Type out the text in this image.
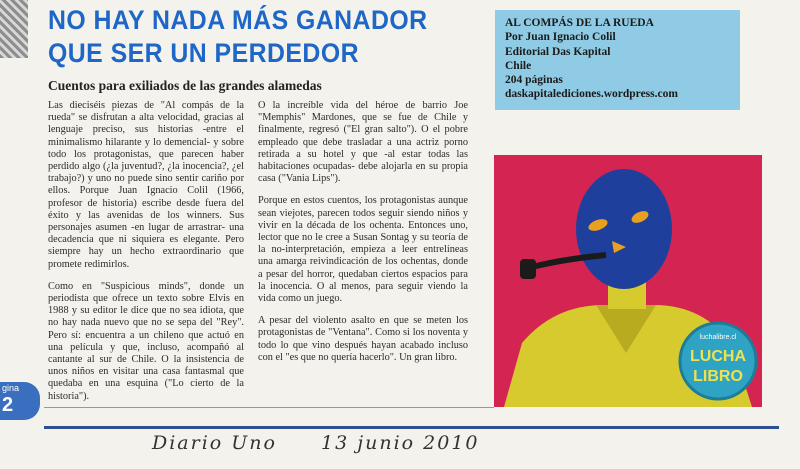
NO HAY NADA MÁS GANADOR
QUE SER UN PERDEDOR
Cuentos para exiliados de las grandes alamedas
AL COMPÁS DE LA RUEDA
Por Juan Ignacio Colil
Editorial Das Kapital
Chile
204 páginas
daskapitalediciones.wordpress.com

Las dieciséis piezas de "Al compás de la rueda" se disfrutan a alta velocidad, gracias al lenguaje preciso, sus historias -entre el minimalismo hilarante y lo demencial- y sobre todo los protagonistas, que parecen haber perdido algo (¿la juventud?, ¿la inocencia?, ¿el trabajo?) y uno no puede sino sentir cariño por ellos. Porque Juan Ignacio Colil (1966, profesor de historia) escribe desde fuera del éxito y las avenidas de los winners. Sus personajes asumen -en lugar de arrastrar- una decadencia que ni siquiera es elegante. Pero siempre hay un hecho extraordinario que promete redimirlos.

Como en "Suspicious minds", donde un periodista que ofrece un texto sobre Elvis en 1988 y su editor le dice que no sea idiota, que no hay nada nuevo que no se sepa del "Rey". Pero sí: encuentra a un chileno que actuó en una película y que, incluso, acompañó al cantante al sur de Chile. O la insistencia de unos niños en visitar una casa fantasmal que quedaba en una esquina ("Lo cierto de la historia").

O la increíble vida del héroe de barrio Joe "Memphis" Mardones, que se fue de Chile y finalmente, regresó ("El gran salto"). O el pobre empleado que debe trasladar a una actriz porno retirada a su hotel y que -al estar todas las habitaciones ocupadas- debe alojarla en su propia casa ("Vania Lips").

Porque en estos cuentos, los protagonistas aunque sean viejotes, parecen todos seguir siendo niños y vivir en la década de los ochenta. Entonces uno, lector que no le cree a Susan Sontag y su teoría de la no-interpretación, empieza a leer entrelíneas una amarga reivindicación de los ochentas, donde a pesar del horror, quedaban ciertos espacios para la inocencia. O al menos, para seguir viendo la vida como un juego.

A pesar del violento asalto en que se meten los protagonistas de "Ventana". Como si los noventa y todo lo que vino después hayan acabado incluso con el "es que no quería hacerlo". Un gran libro.

luchalibre.cl
LUCHA
LIBRO
gina
2
Diario Uno 13 junio 2010
